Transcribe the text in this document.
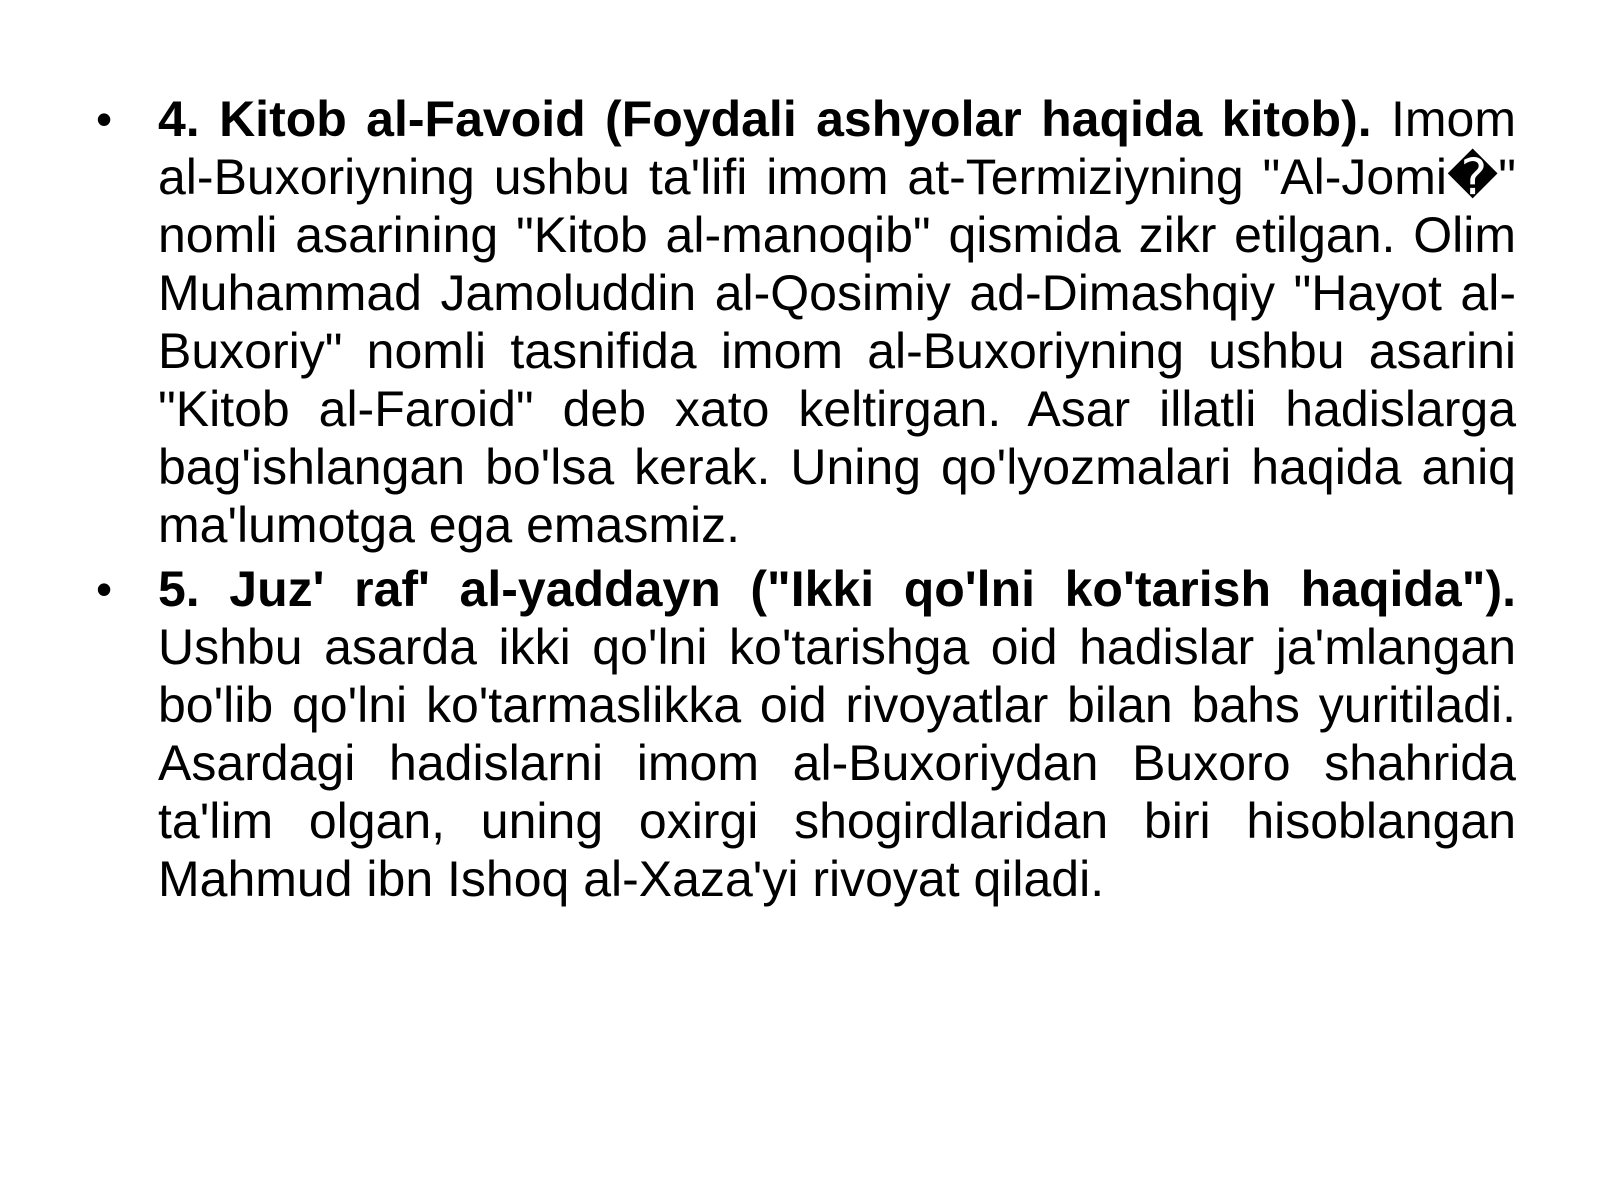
• 4. Kitob al-Favoid (Foydali ashyolar haqida kitob). Imom al-Buxoriyning ushbu ta'lifi imom at-Termiziyning "Al-Jomi�" nomli asarining "Kitob al-manoqib" qismida zikr etilgan. Olim Muhammad Jamoluddin al-Qosimiy ad-Dimashqiy "Hayot al-Buxoriy" nomli tasnifida imom al-Buxoriyning ushbu asarini "Kitob al-Faroid" deb xato keltirgan. Asar illatli hadislarga bag'ishlangan bo'lsa kerak. Uning qo'lyozmalari haqida aniq ma'lumotga ega emasmiz.
• 5. Juz' raf' al-yaddayn ("Ikki qo'lni ko'tarish haqida"). Ushbu asarda ikki qo'lni ko'tarishga oid hadislar ja'mlangan bo'lib qo'lni ko'tarmaslikka oid rivoyatlar bilan bahs yuritiladi. Asardagi hadislarni imom al-Buxoriydan Buxoro shahrida ta'lim olgan, uning oxirgi shogirdlaridan biri hisoblangan Mahmud ibn Ishoq al-Xaza'yi rivoyat qiladi.
